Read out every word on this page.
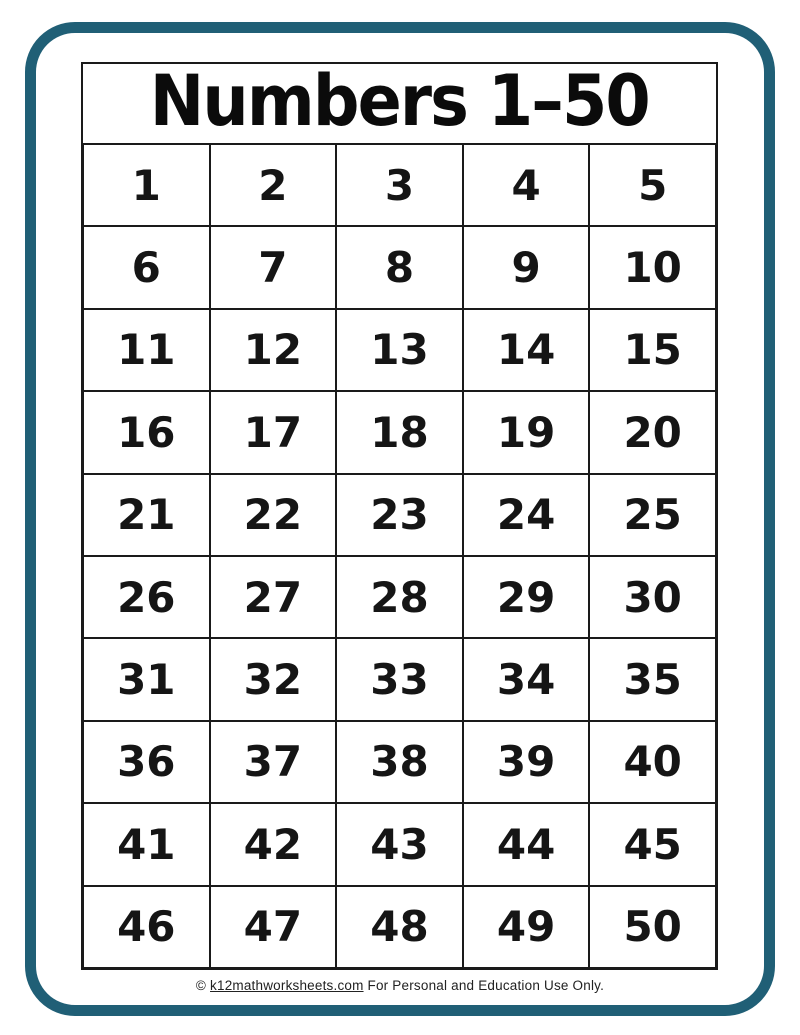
Numbers 1–50
1	2	3	4	5
6	7	8	9	10
11	12	13	14	15
16	17	18	19	20
21	22	23	24	25
26	27	28	29	30
31	32	33	34	35
36	37	38	39	40
41	42	43	44	45
46	47	48	49	50
© k12mathworksheets.com For Personal and Education Use Only.
